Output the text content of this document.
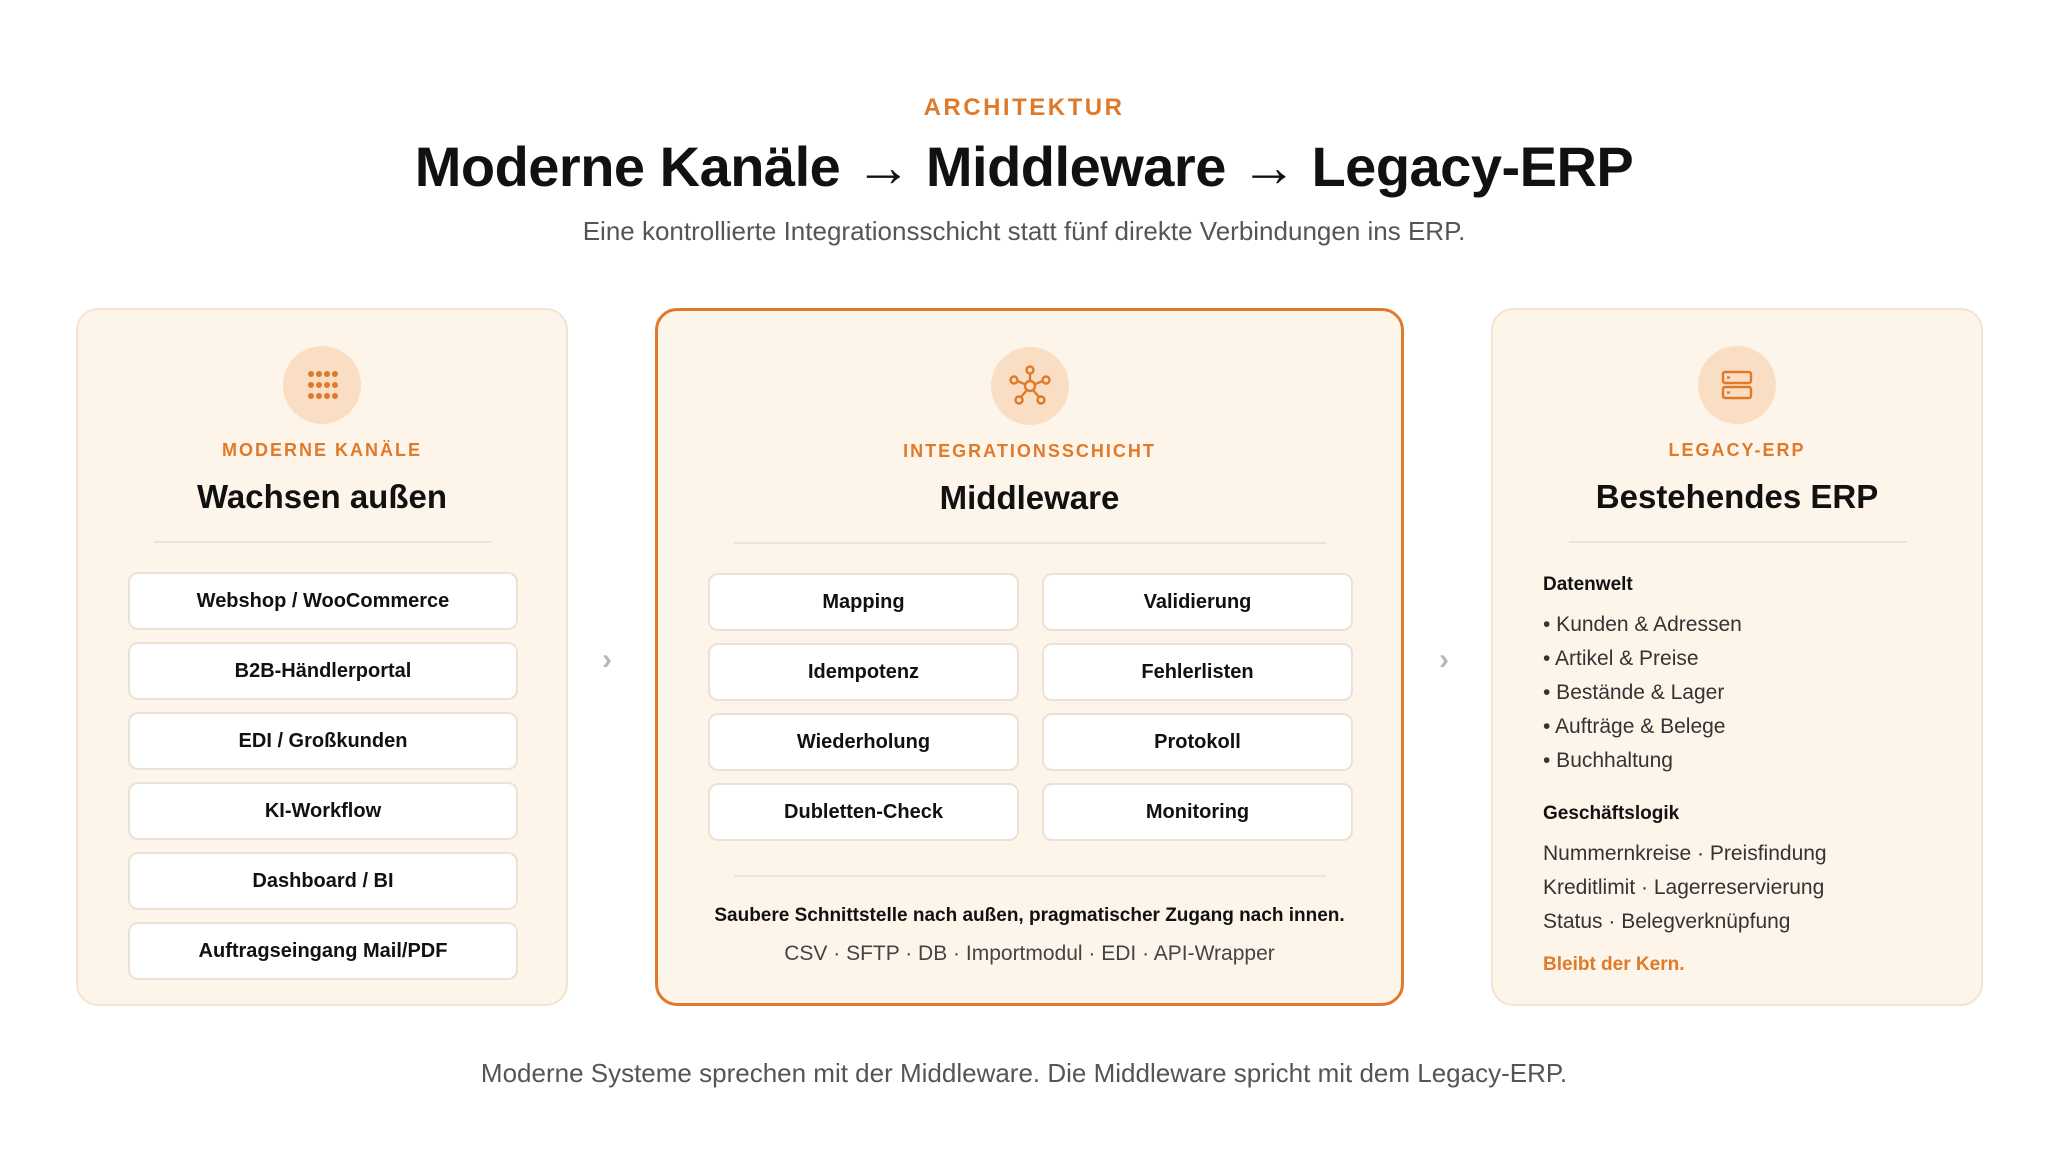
ARCHITEKTUR
Moderne Kanäle → Middleware → Legacy-ERP
Eine kontrollierte Integrationsschicht statt fünf direkte Verbindungen ins ERP.
MODERNE KANÄLE
Wachsen außen
Webshop / WooCommerce
B2B-Händlerportal
EDI / Großkunden
KI-Workflow
Dashboard / BI
Auftragseingang Mail/PDF
›
INTEGRATIONSSCHICHT
Middleware
Mapping	Validierung
Idempotenz	Fehlerlisten
Wiederholung	Protokoll
Dubletten-Check	Monitoring
Saubere Schnittstelle nach außen, pragmatischer Zugang nach innen.
CSV · SFTP · DB · Importmodul · EDI · API-Wrapper
›
LEGACY-ERP
Bestehendes ERP
Datenwelt
• Kunden & Adressen
• Artikel & Preise
• Bestände & Lager
• Aufträge & Belege
• Buchhaltung
Geschäftslogik
Nummernkreise · Preisfindung
Kreditlimit · Lagerreservierung
Status · Belegverknüpfung
Bleibt der Kern.
Moderne Systeme sprechen mit der Middleware. Die Middleware spricht mit dem Legacy-ERP.
